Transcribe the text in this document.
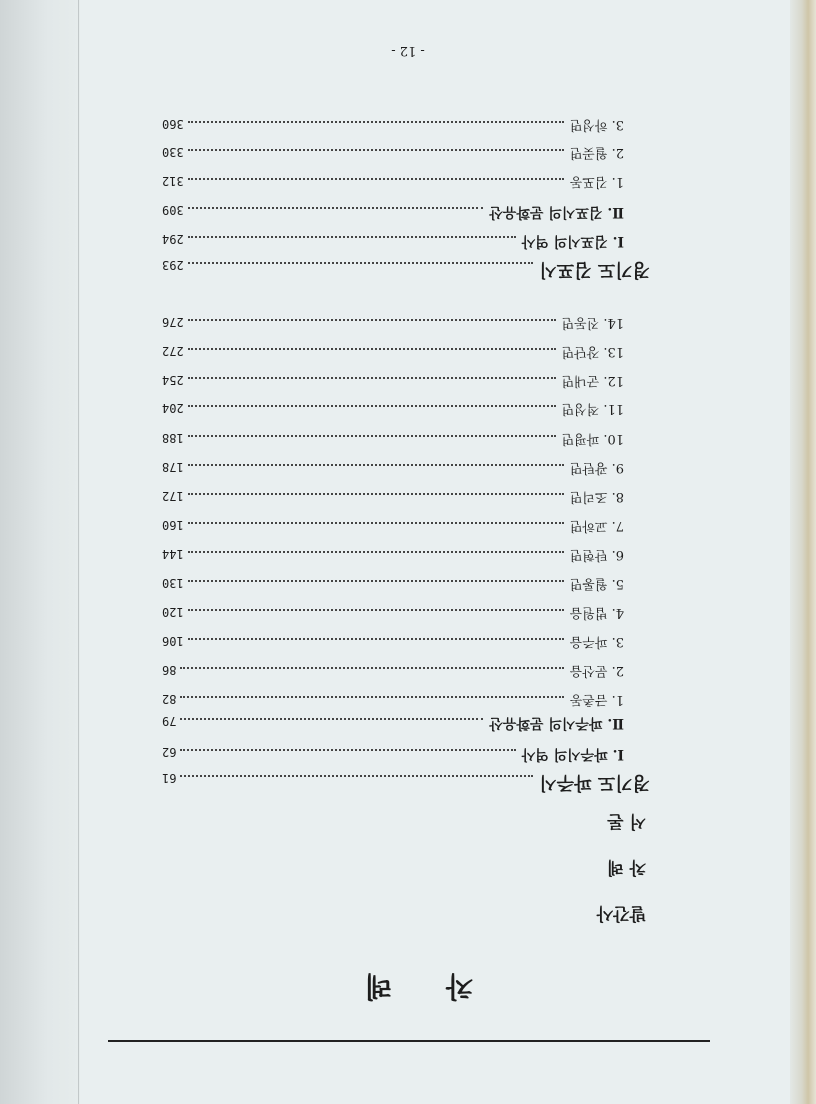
차 례
발간사
차 례
서 론
경기도 파주시
61
Ⅰ. 파주시의 역사
62
Ⅱ. 파주시의 문화유산
79
1. 금촌동
82
2. 문산읍
86
3. 파주읍
106
4. 법원읍
120
5. 월롱면
130
6. 탄현면
144
7. 교하면
160
8. 조리면
172
9. 광탄면
178
10. 파평면
188
11. 적성면
204
12. 군내면
254
13. 장단면
272
14. 진동면
276
경기도 김포시
293
Ⅰ. 김포시의 역사
294
Ⅱ. 김포시의 문화유산
309
1. 김포동
312
2. 월곶면
330
3. 하성면
360
- 12 -
